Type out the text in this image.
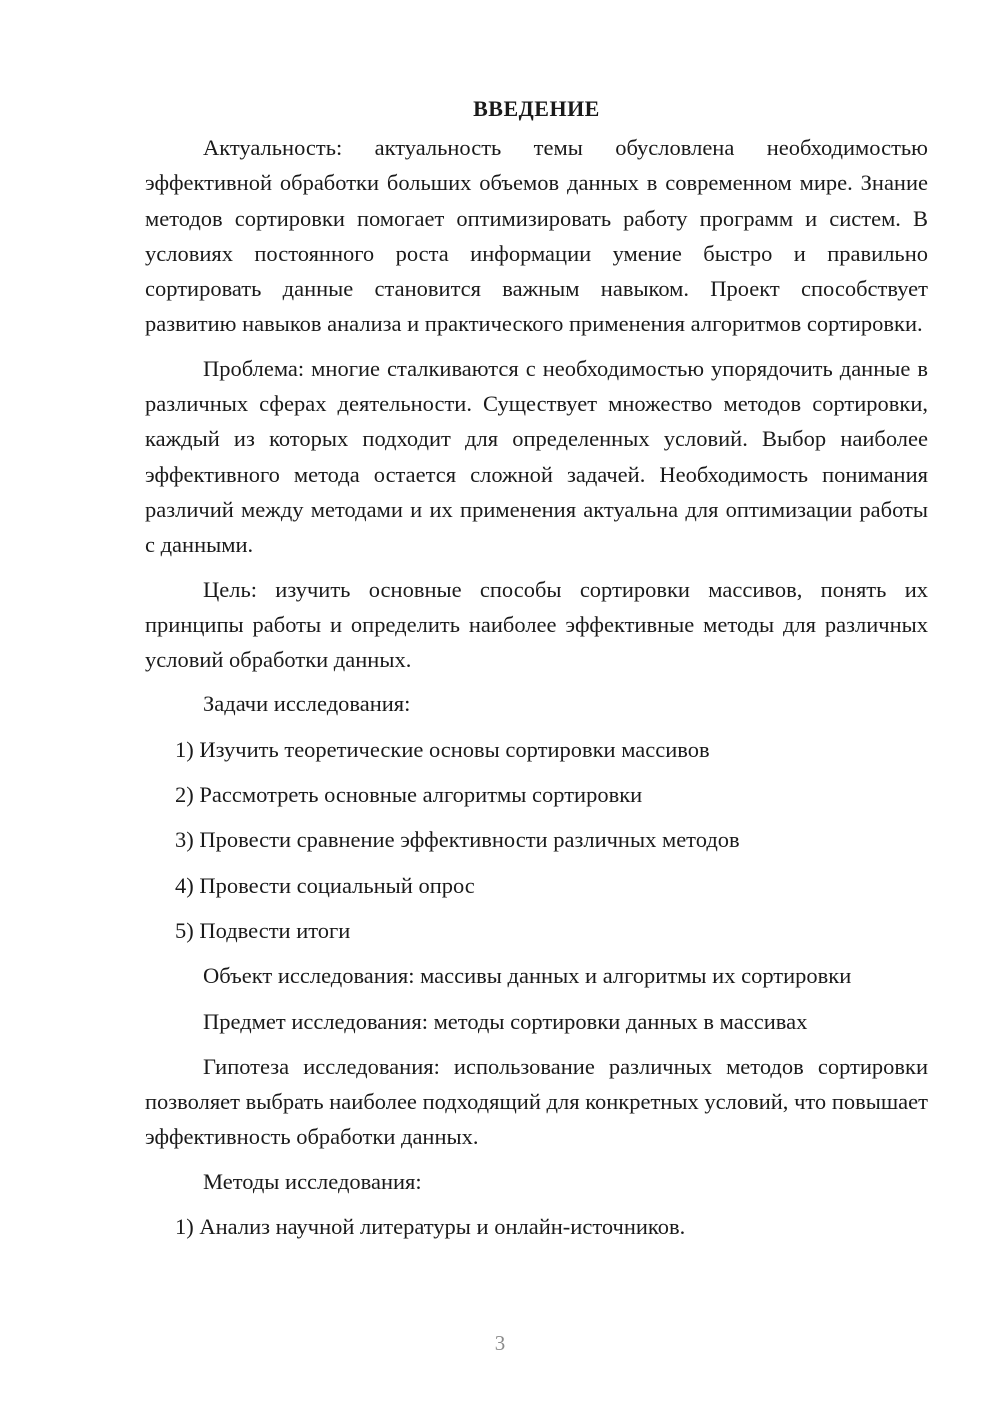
ВВЕДЕНИЕ

Актуальность: актуальность темы обусловлена необходимостью эффективной обработки больших объемов данных в современном мире. Знание методов сортировки помогает оптимизировать работу программ и систем. В условиях постоянного роста информации умение быстро и правильно сортировать данные становится важным навыком. Проект способствует развитию навыков анализа и практического применения алгоритмов сортировки.

Проблема: многие сталкиваются с необходимостью упорядочить данные в различных сферах деятельности. Существует множество методов сортировки, каждый из которых подходит для определенных условий. Выбор наиболее эффективного метода остается сложной задачей. Необходимость понимания различий между методами и их применения актуальна для оптимизации работы с данными.

Цель: изучить основные способы сортировки массивов, понять их принципы работы и определить наиболее эффективные методы для различных условий обработки данных.

Задачи исследования:

1) Изучить теоретические основы сортировки массивов

2) Рассмотреть основные алгоритмы сортировки

3) Провести сравнение эффективности различных методов

4) Провести социальный опрос

5) Подвести итоги

Объект исследования: массивы данных и алгоритмы их сортировки

Предмет исследования: методы сортировки данных в массивах

Гипотеза исследования: использование различных методов сортировки позволяет выбрать наиболее подходящий для конкретных условий, что повышает эффективность обработки данных.

Методы исследования:

1) Анализ научной литературы и онлайн-источников.

3
